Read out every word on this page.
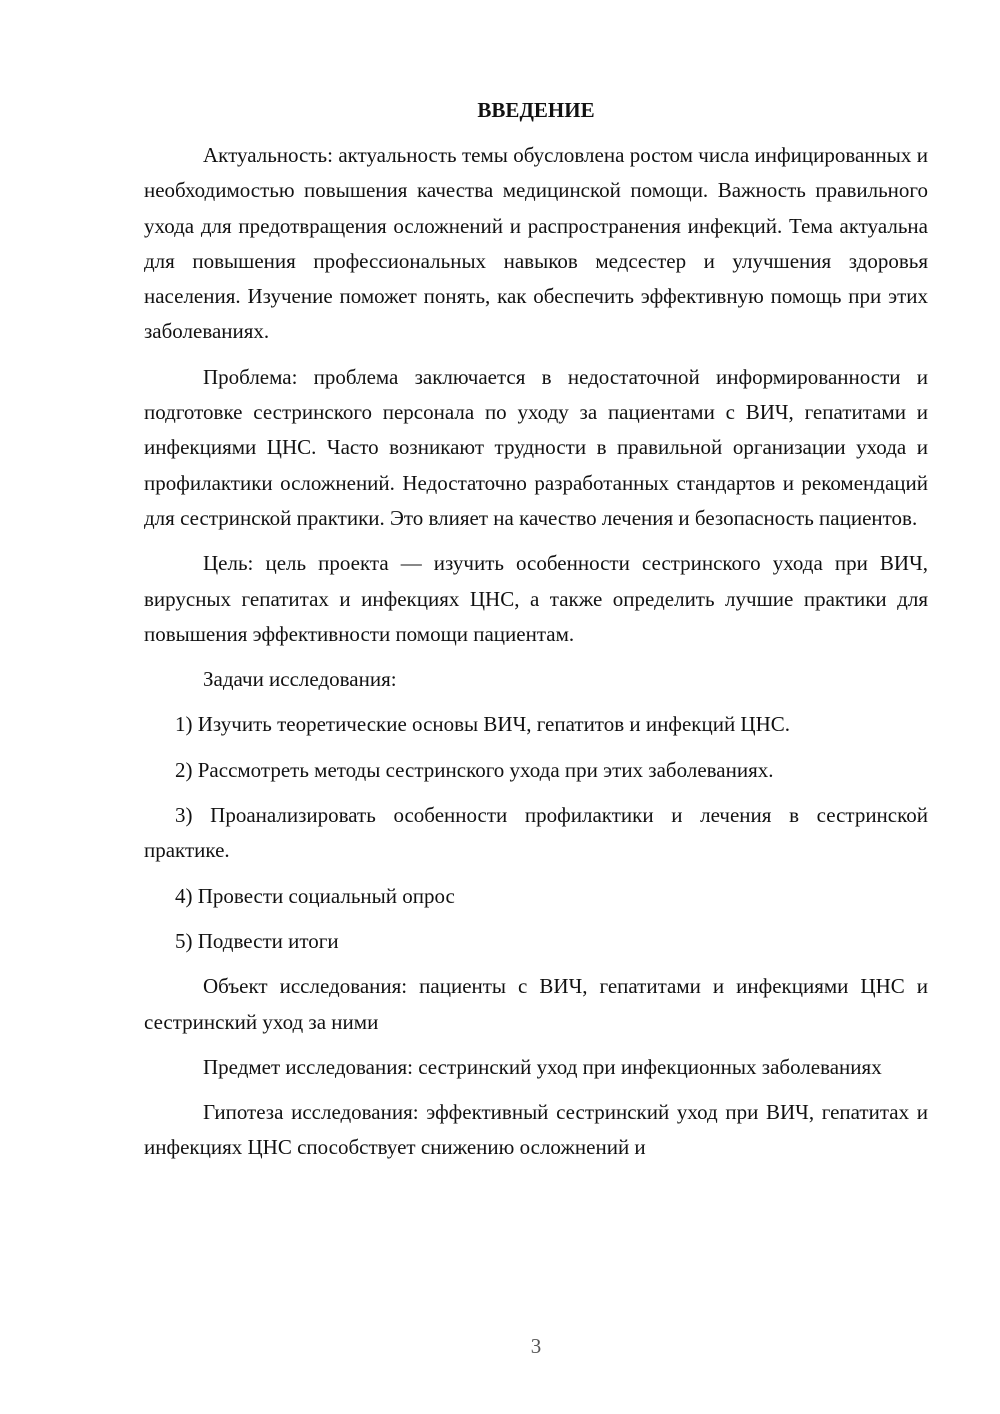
ВВЕДЕНИЕ

Актуальность: актуальность темы обусловлена ростом числа инфицированных и необходимостью повышения качества медицинской помощи. Важность правильного ухода для предотвращения осложнений и распространения инфекций. Тема актуальна для повышения профессиональных навыков медсестер и улучшения здоровья населения. Изучение поможет понять, как обеспечить эффективную помощь при этих заболеваниях.

Проблема: проблема заключается в недостаточной информированности и подготовке сестринского персонала по уходу за пациентами с ВИЧ, гепатитами и инфекциями ЦНС. Часто возникают трудности в правильной организации ухода и профилактики осложнений. Недостаточно разработанных стандартов и рекомендаций для сестринской практики. Это влияет на качество лечения и безопасность пациентов.

Цель: цель проекта — изучить особенности сестринского ухода при ВИЧ, вирусных гепатитах и инфекциях ЦНС, а также определить лучшие практики для повышения эффективности помощи пациентам.

Задачи исследования:

1) Изучить теоретические основы ВИЧ, гепатитов и инфекций ЦНС.

2) Рассмотреть методы сестринского ухода при этих заболеваниях.

3) Проанализировать особенности профилактики и лечения в сестринской практике.

4) Провести социальный опрос

5) Подвести итоги

Объект исследования: пациенты с ВИЧ, гепатитами и инфекциями ЦНС и сестринский уход за ними

Предмет исследования: сестринский уход при инфекционных заболеваниях

Гипотеза исследования: эффективный сестринский уход при ВИЧ, гепатитах и инфекциях ЦНС способствует снижению осложнений и

3
